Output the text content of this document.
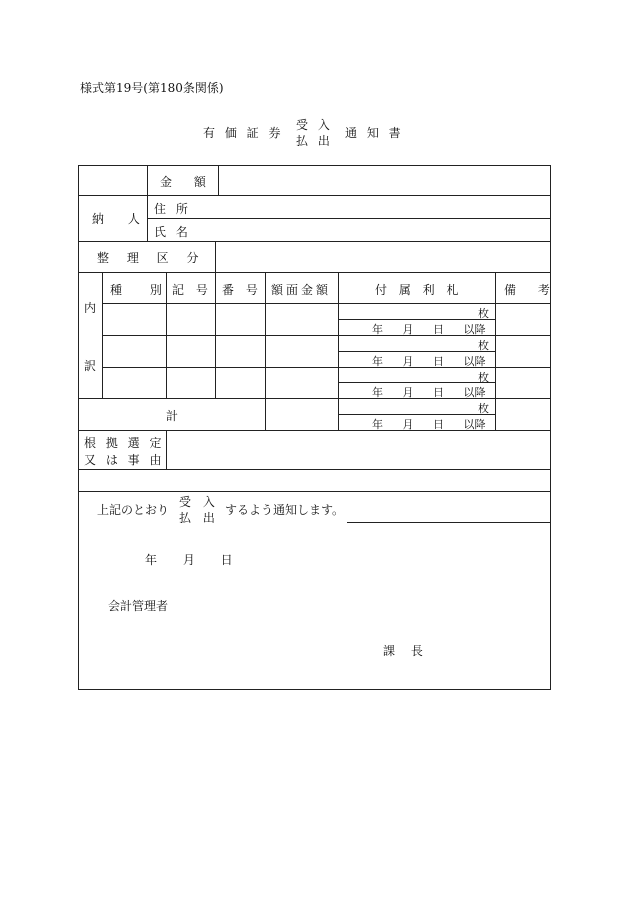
様式第19号(第180条関係)
有 価 証 券
受 入
払 出
通 知 書
金 額
納 人
住 所
氏 名
整 理 区 分
内
訳
種 別 記 号 番 号 額面金額	付 属 利 札	備 考
枚
年 月 日 以降
枚
年 月 日 以降
枚
年 月 日 以降
枚
年 月 日 以降
計
根 拠 選 定
又 は 事 由
上記のとおり
受 入
払 出
するよう通知します。
年 月 日
会計管理者
課 長
